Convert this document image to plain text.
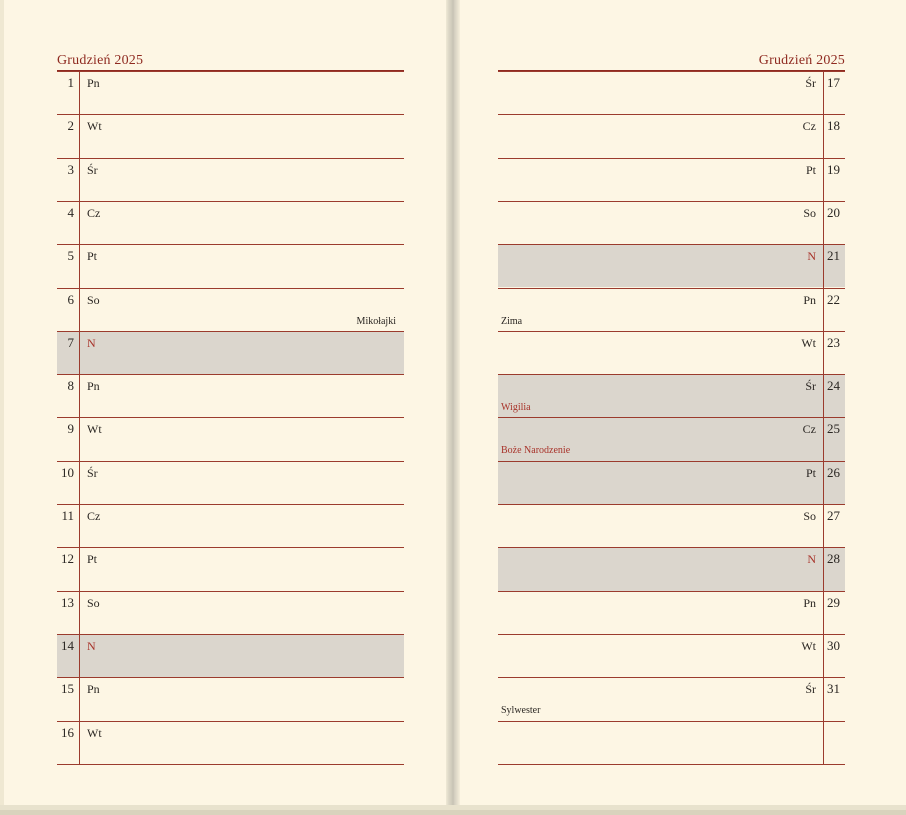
Grudzień 2025	Grudzień 2025
1 Pn
2 Wt
3 Śr
4 Cz
5 Pt
6 So
Mikołajki
7 N
8 Pn
9 Wt
10 Śr
11 Cz
12 Pt
13 So
14 N
15 Pn
16 Wt
17
Śr
18
Cz
19
Pt
20
So
21
N
22
Pn
Zima
23
Wt
24
Śr
Wigilia
25
Cz
Boże Narodzenie
26
Pt
27
So
28
N
29
Pn
30
Wt
31
Śr
Sylwester
